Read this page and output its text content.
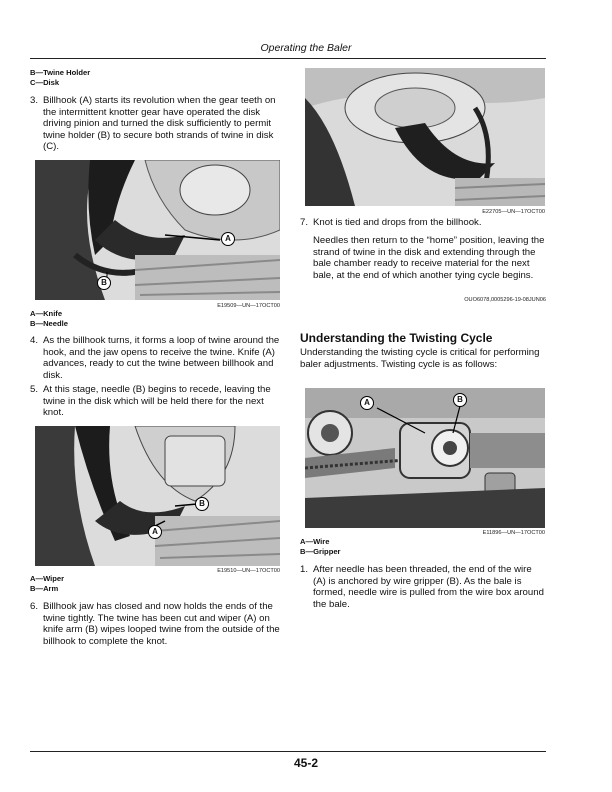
Operating the Baler
B—Twine Holder
C—Disk
3. Billhook (A) starts its revolution when the gear teeth on the intermittent knotter gear have operated the disk driving pinion and turned the disk sufficiently to permit twine holder (B) to secure both strands of twine in disk (C).
A
B
E19509—UN—17OCT00
A—Knife
B—Needle
4. As the billhook turns, it forms a loop of twine around the hook, and the jaw opens to receive the twine. Knife (A) advances, ready to cut the twine between billhook and disk.
5. At this stage, needle (B) begins to recede, leaving the twine in the disk which will be held there for the next knot.
B
A
E19510—UN—17OCT00
A—Wiper
B—Arm
6. Billhook jaw has closed and now holds the ends of the twine tightly. The twine has been cut and wiper (A) on knife arm (B) wipes looped twine from the outside of the billhook to complete the knot.
E22705—UN—17OCT00
7. Knot is tied and drops from the billhook.
Needles then return to the “home” position, leaving the strand of twine in the disk and extending through the bale chamber ready to receive material for the next bale, at the end of which another tying cycle begins.
OUO6078,0005296-19-08JUN06
Understanding the Twisting Cycle
Understanding the twisting cycle is critical for performing baler adjustments. Twisting cycle is as follows:
A	B
E11896—UN—17OCT00
A—Wire
B—Gripper
1. After needle has been threaded, the end of the wire (A) is anchored by wire gripper (B). As the bale is formed, needle wire is pulled from the wire box around the bale.
45-2
